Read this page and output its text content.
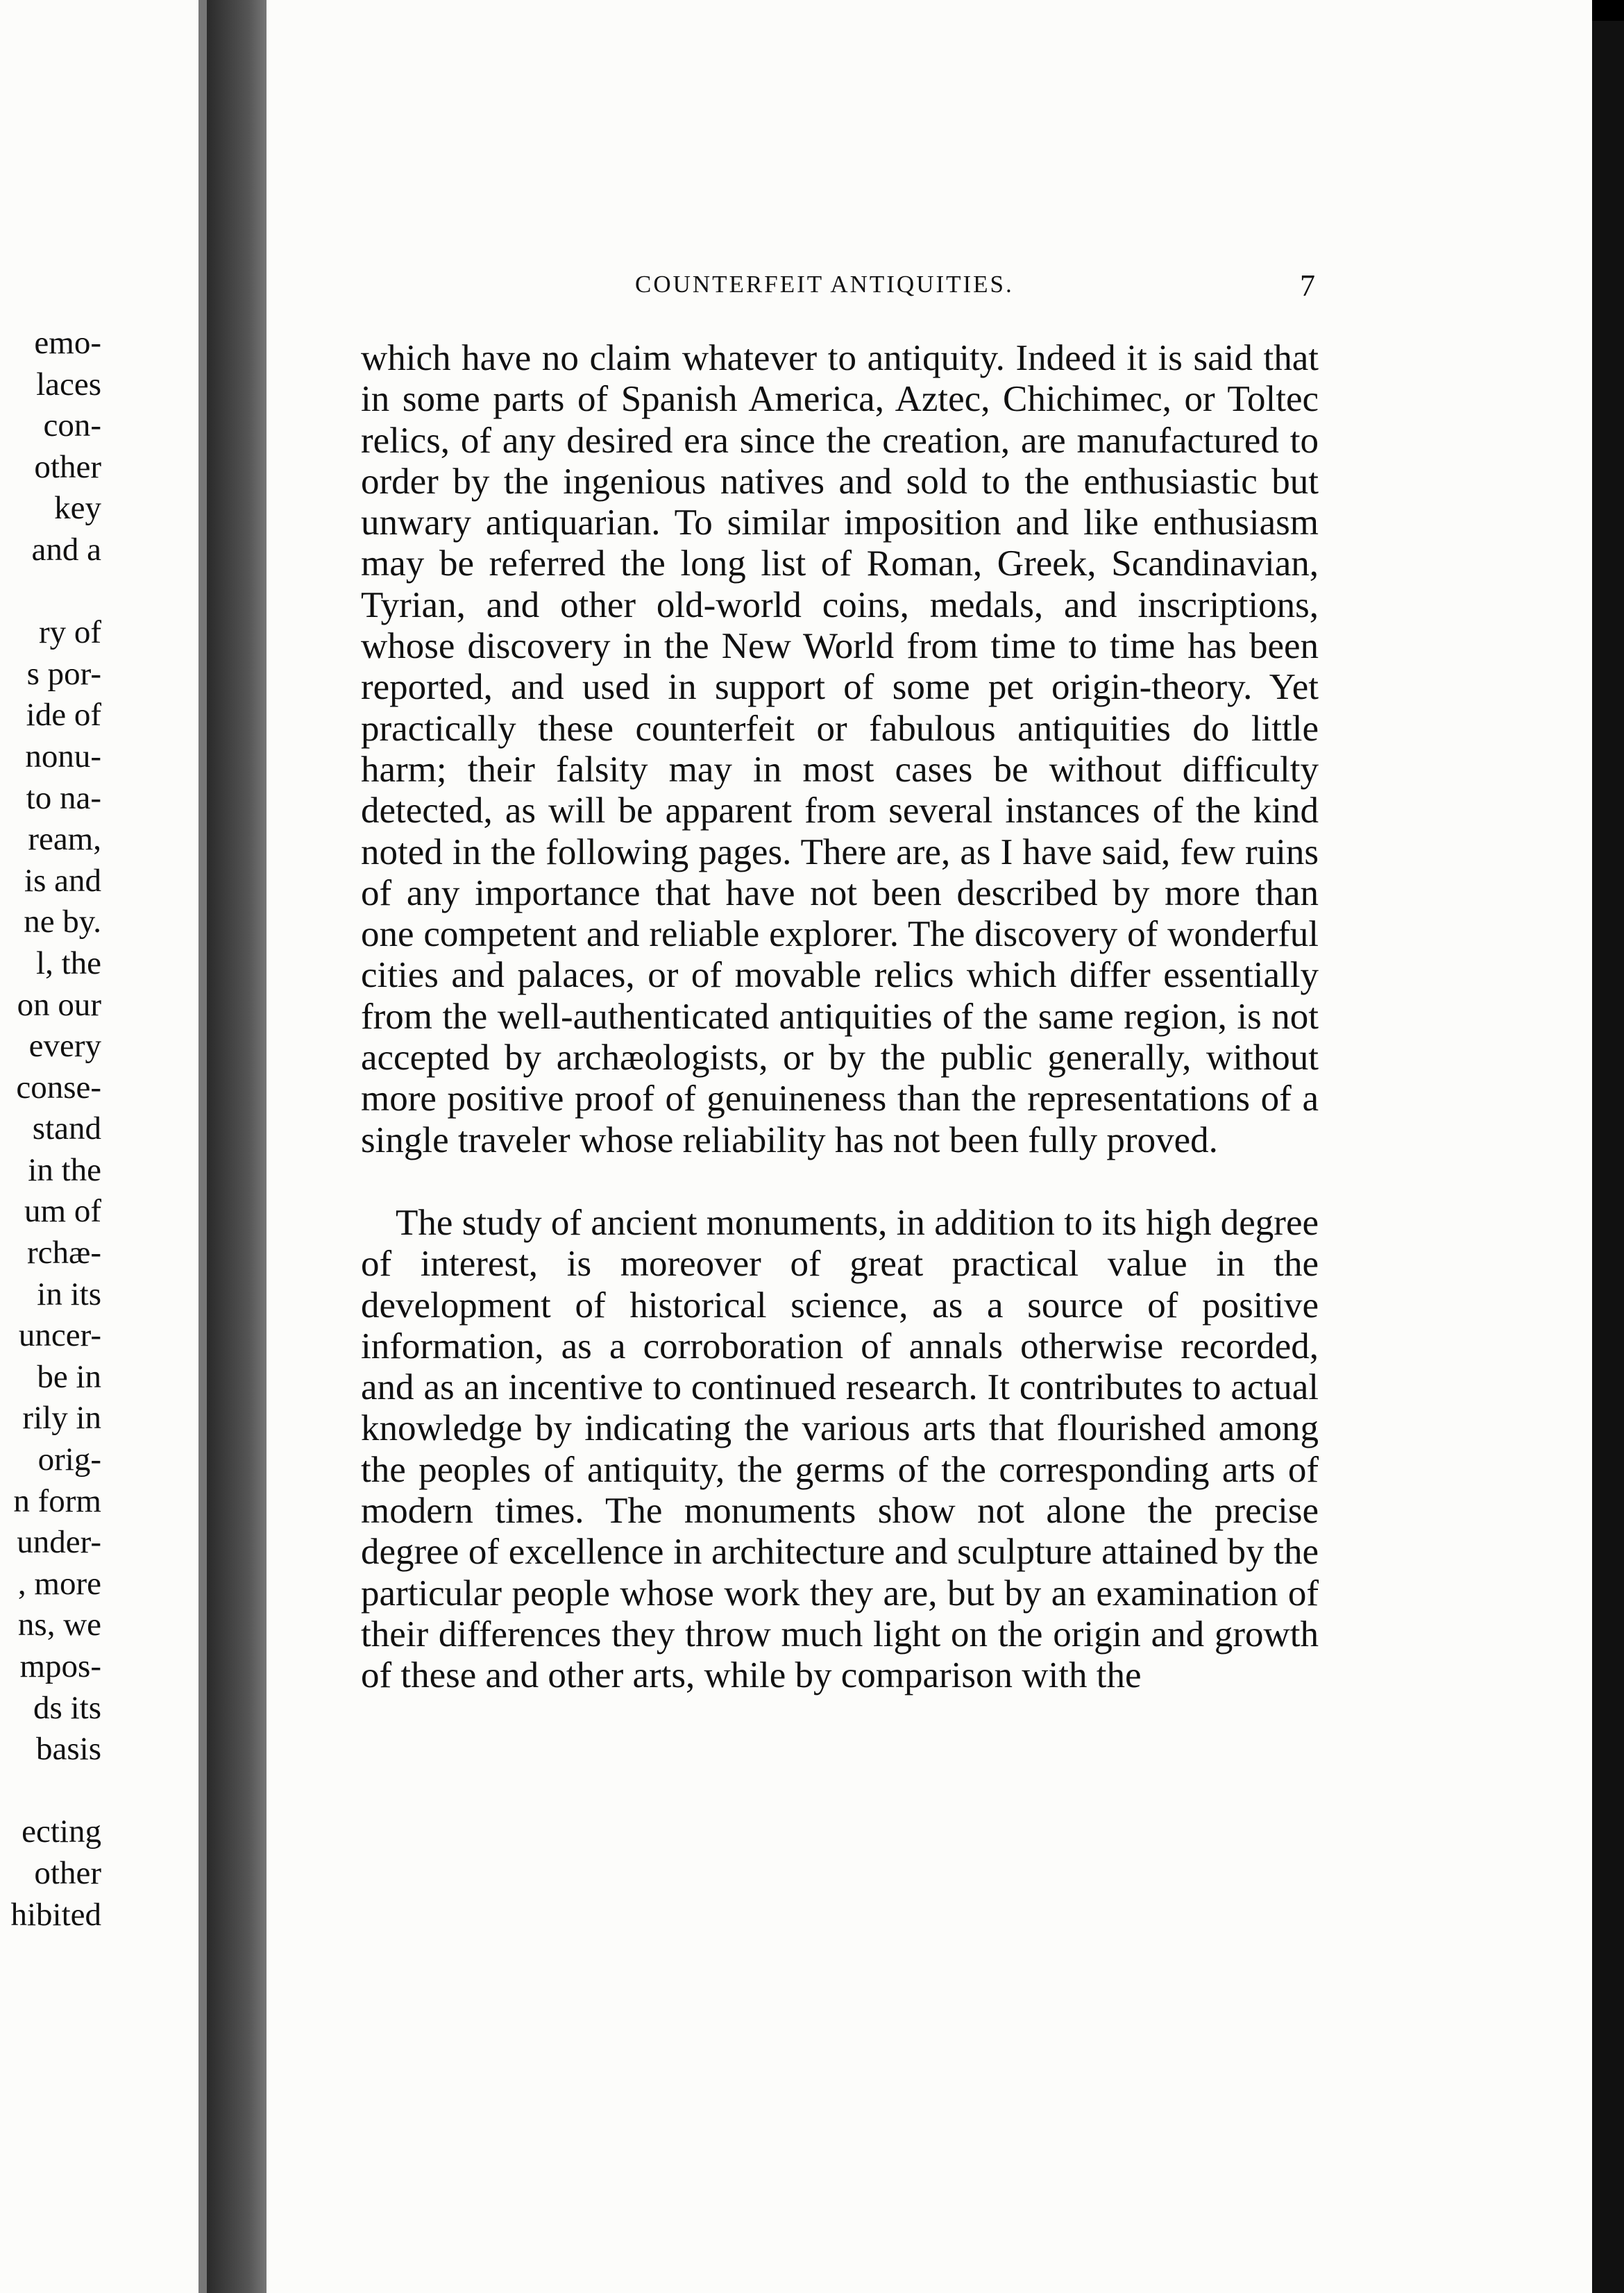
emo-
laces
con-
other
key
and a
ry of
s por-
ide of
nonu-
to na-
ream,
is and
ne by.
l, the
on our
every
conse-
stand
in the
um of
rchæ-
in its
uncer-
be in
rily in
orig-
n form
under-
, more
ns, we
mpos-
ds its
basis
ecting
other
hibited
COUNTERFEIT ANTIQUITIES.	7

which have no claim whatever to antiquity. Indeed it is said that in some parts of Spanish America, Aztec, Chichimec, or Toltec relics, of any desired era since the creation, are manufactured to order by the ingenious natives and sold to the enthusiastic but unwary antiquarian. To similar imposition and like enthusiasm may be referred the long list of Roman, Greek, Scandinavian, Tyrian, and other old-world coins, medals, and inscriptions, whose discovery in the New World from time to time has been reported, and used in support of some pet origin-theory. Yet practically these counterfeit or fabulous antiquities do little harm; their falsity may in most cases be without difficulty detected, as will be apparent from several instances of the kind noted in the following pages. There are, as I have said, few ruins of any importance that have not been described by more than one competent and reliable explorer. The discovery of wonderful cities and palaces, or of movable relics which differ essentially from the well-authenticated antiquities of the same region, is not accepted by archæologists, or by the public generally, without more positive proof of genuineness than the representations of a single traveler whose reliability has not been fully proved.

The study of ancient monuments, in addition to its high degree of interest, is moreover of great practical value in the development of historical science, as a source of positive information, as a corroboration of annals otherwise recorded, and as an incentive to continued research. It contributes to actual knowledge by indicating the various arts that flourished among the peoples of antiquity, the germs of the corresponding arts of modern times. The monuments show not alone the precise degree of excellence in architecture and sculpture attained by the particular people whose work they are, but by an examination of their differences they throw much light on the origin and growth of these and other arts, while by comparison with the
